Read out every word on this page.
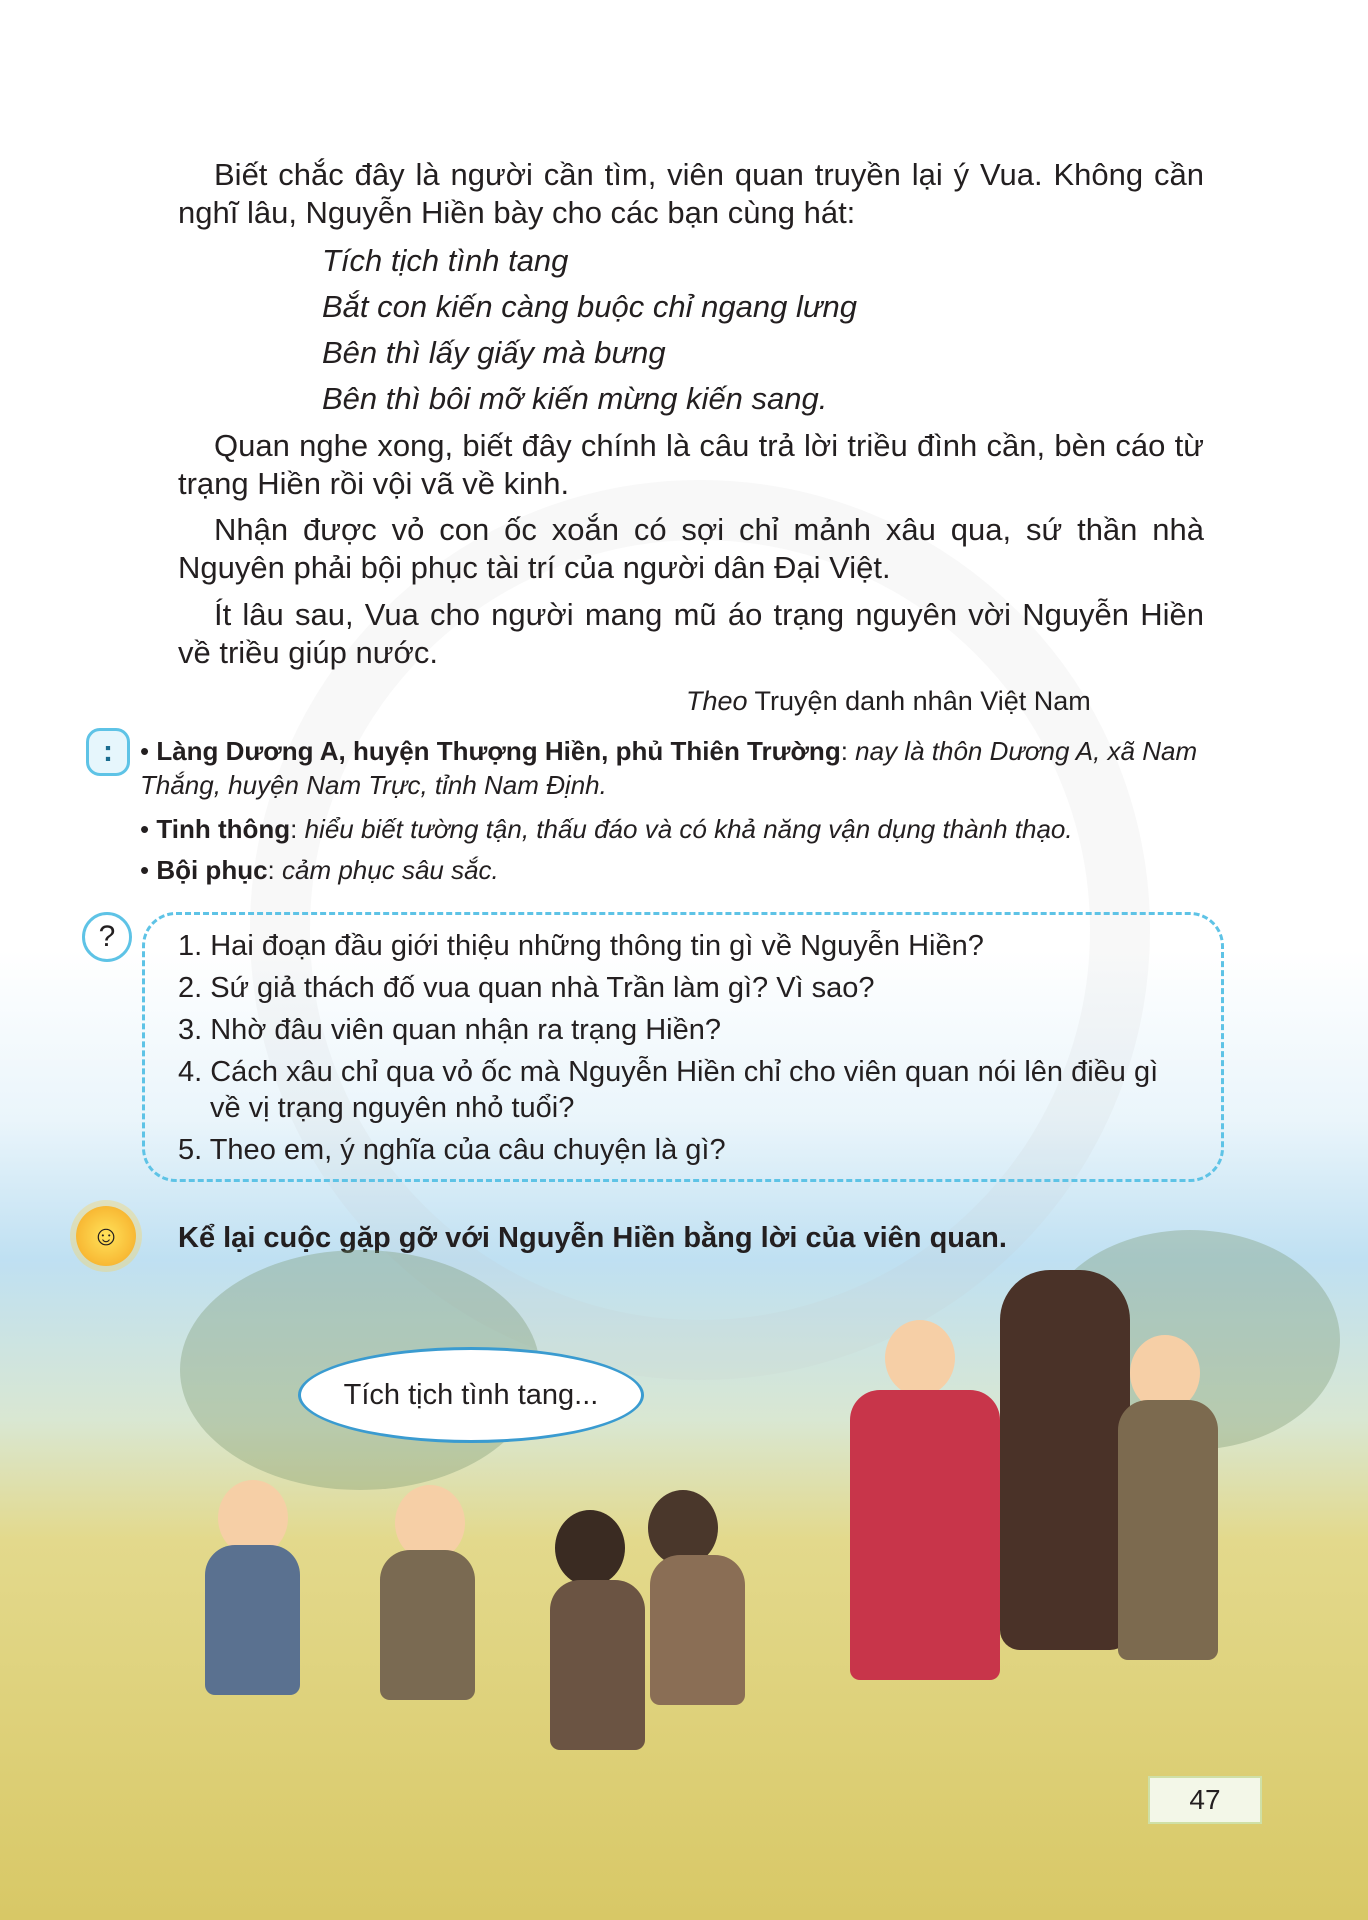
Biết chắc đây là người cần tìm, viên quan truyền lại ý Vua. Không cần nghĩ lâu, Nguyễn Hiền bày cho các bạn cùng hát:

Tích tịch tình tang
Bắt con kiến càng buộc chỉ ngang lưng
Bên thì lấy giấy mà bưng
Bên thì bôi mỡ kiến mừng kiến sang.

Quan nghe xong, biết đây chính là câu trả lời triều đình cần, bèn cáo từ trạng Hiền rồi vội vã về kinh.

Nhận được vỏ con ốc xoắn có sợi chỉ mảnh xâu qua, sứ thần nhà Nguyên phải bội phục tài trí của người dân Đại Việt.

Ít lâu sau, Vua cho người mang mũ áo trạng nguyên vời Nguyễn Hiền về triều giúp nước.

Theo Truyện danh nhân Việt Nam
:	• Làng Dương A, huyện Thượng Hiền, phủ Thiên Trường: nay là thôn Dương A, xã Nam Thắng, huyện Nam Trực, tỉnh Nam Định.
• Tinh thông: hiểu biết tường tận, thấu đáo và có khả năng vận dụng thành thạo.
• Bội phục: cảm phục sâu sắc.
?	1. Hai đoạn đầu giới thiệu những thông tin gì về Nguyễn Hiền?
2. Sứ giả thách đố vua quan nhà Trần làm gì? Vì sao?
3. Nhờ đâu viên quan nhận ra trạng Hiền?
4. Cách xâu chỉ qua vỏ ốc mà Nguyễn Hiền chỉ cho viên quan nói lên điều gì
về vị trạng nguyên nhỏ tuổi?
5. Theo em, ý nghĩa của câu chuyện là gì?
☺	Kể lại cuộc gặp gỡ với Nguyễn Hiền bằng lời của viên quan.
Tích tịch tình tang...
47
